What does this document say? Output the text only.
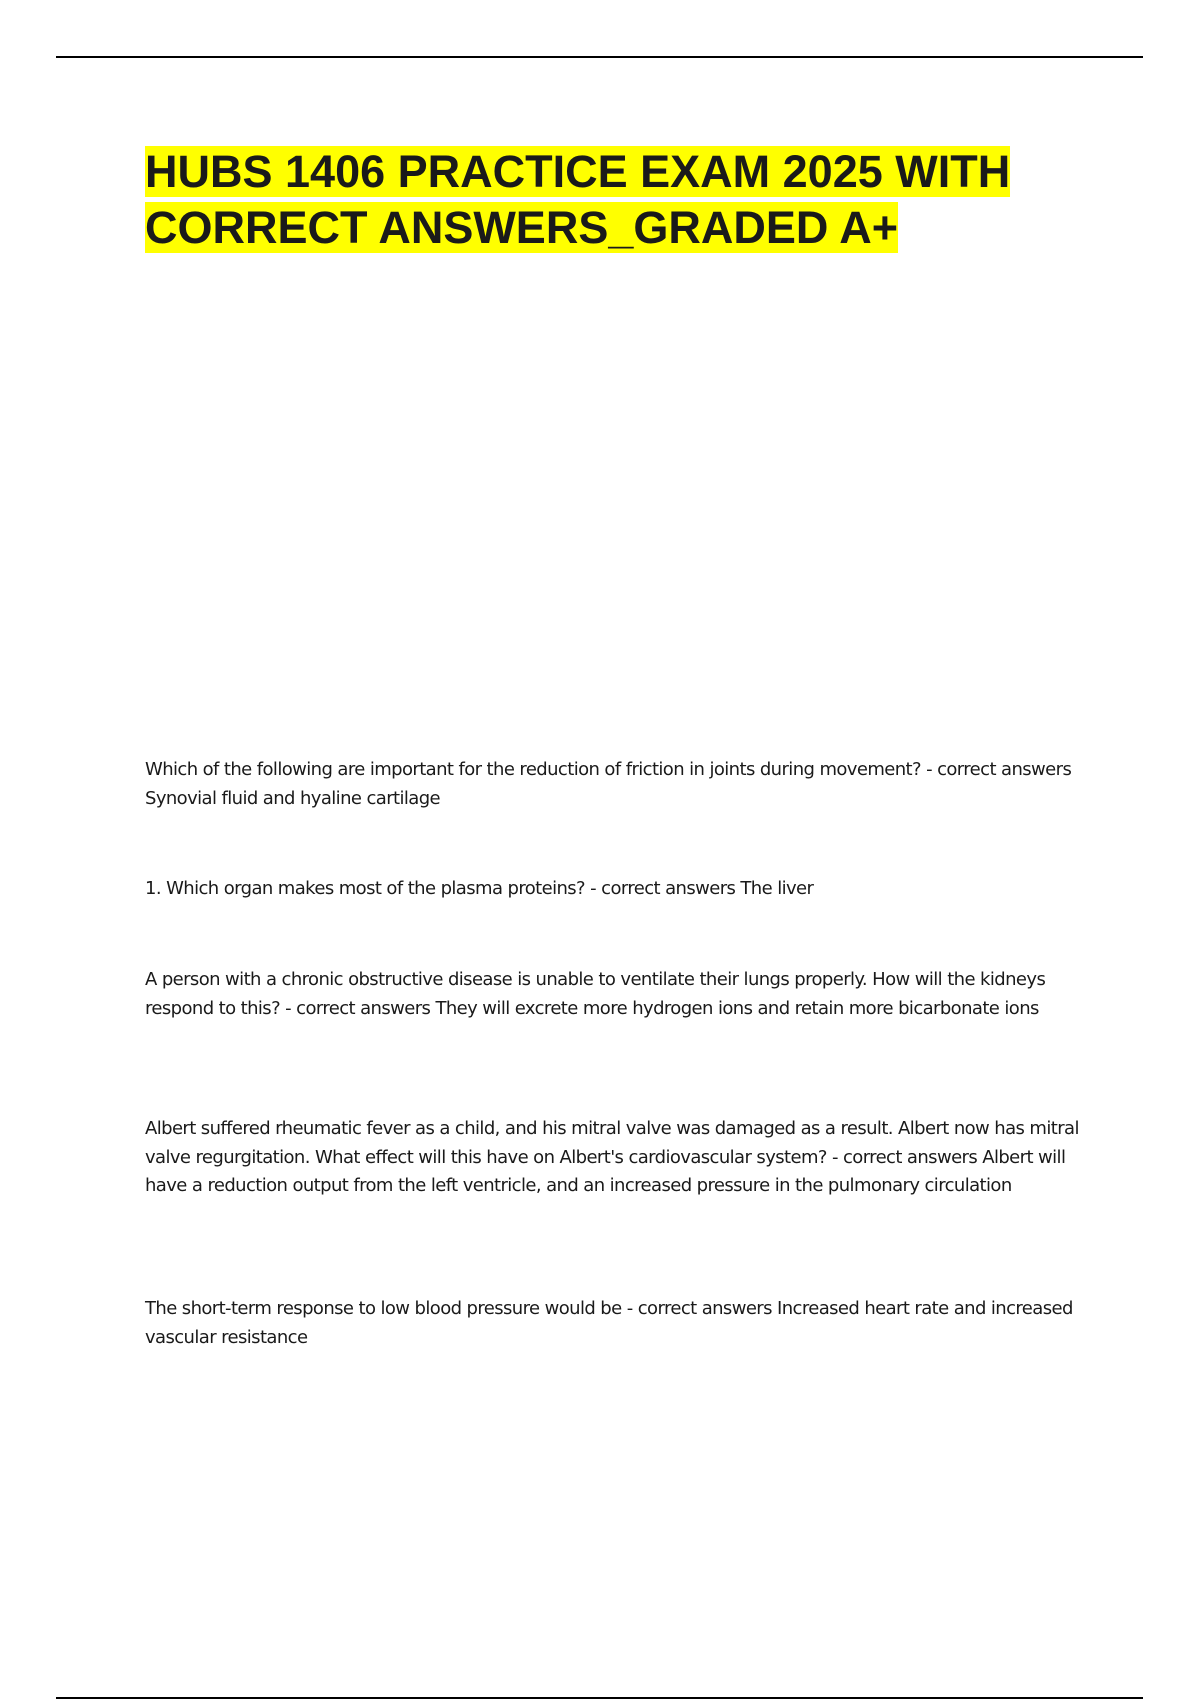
HUBS 1406 PRACTICE EXAM 2025 WITH CORRECT ANSWERS_GRADED A+

Which of the following are important for the reduction of friction in joints during movement? - correct answers Synovial fluid and hyaline cartilage

1. Which organ makes most of the plasma proteins? - correct answers The liver

A person with a chronic obstructive disease is unable to ventilate their lungs properly. How will the kidneys respond to this? - correct answers They will excrete more hydrogen ions and retain more bicarbonate ions

Albert suffered rheumatic fever as a child, and his mitral valve was damaged as a result. Albert now has mitral valve regurgitation. What effect will this have on Albert's cardiovascular system? - correct answers Albert will have a reduction output from the left ventricle, and an increased pressure in the pulmonary circulation

The short-term response to low blood pressure would be - correct answers Increased heart rate and increased vascular resistance
